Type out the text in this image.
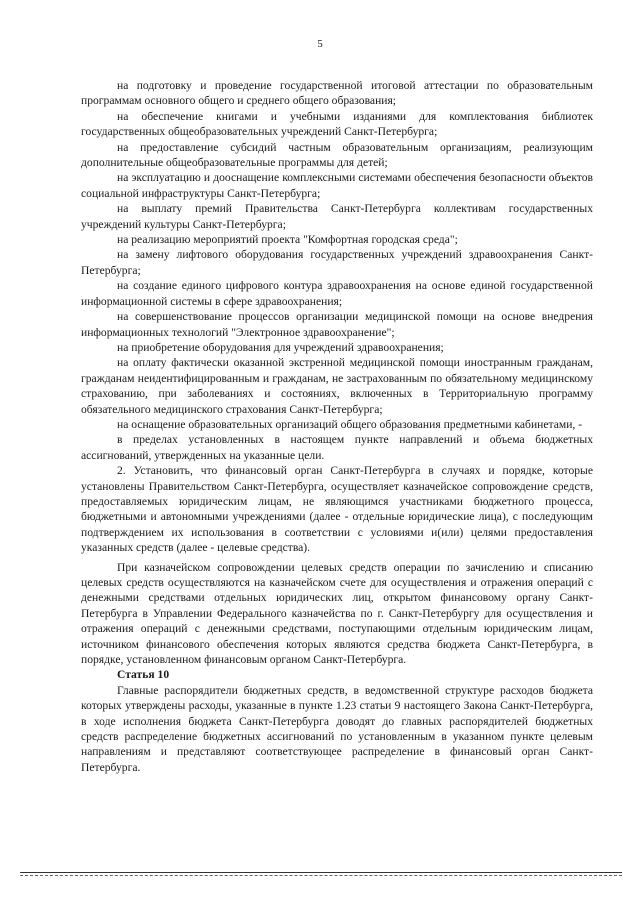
5

на подготовку и проведение государственной итоговой аттестации по образовательным программам основного общего и среднего общего образования;

на обеспечение книгами и учебными изданиями для комплектования библиотек государственных общеобразовательных учреждений Санкт-Петербурга;

на предоставление субсидий частным образовательным организациям, реализующим дополнительные общеобразовательные программы для детей;

на эксплуатацию и дооснащение комплексными системами обеспечения безопасности объектов социальной инфраструктуры Санкт-Петербурга;

на выплату премий Правительства Санкт-Петербурга коллективам государственных учреждений культуры Санкт-Петербурга;

на реализацию мероприятий проекта "Комфортная городская среда";

на замену лифтового оборудования государственных учреждений здравоохранения Санкт-Петербурга;

на создание единого цифрового контура здравоохранения на основе единой государственной информационной системы в сфере здравоохранения;

на совершенствование процессов организации медицинской помощи на основе внедрения информационных технологий "Электронное здравоохранение";

на приобретение оборудования для учреждений здравоохранения;

на оплату фактически оказанной экстренной медицинской помощи иностранным гражданам, гражданам неидентифицированным и гражданам, не застрахованным по обязательному медицинскому страхованию, при заболеваниях и состояниях, включенных в Территориальную программу обязательного медицинского страхования Санкт-Петербурга;

на оснащение образовательных организаций общего образования предметными кабинетами, -

в пределах установленных в настоящем пункте направлений и объема бюджетных ассигнований, утвержденных на указанные цели.

2. Установить, что финансовый орган Санкт-Петербурга в случаях и порядке, которые установлены Правительством Санкт-Петербурга, осуществляет казначейское сопровождение средств, предоставляемых юридическим лицам, не являющимся участниками бюджетного процесса, бюджетными и автономными учреждениями (далее - отдельные юридические лица), с последующим подтверждением их использования в соответствии с условиями и(или) целями предоставления указанных средств (далее - целевые средства).

При казначейском сопровождении целевых средств операции по зачислению и списанию целевых средств осуществляются на казначейском счете для осуществления и отражения операций с денежными средствами отдельных юридических лиц, открытом финансовому органу Санкт-Петербурга в Управлении Федерального казначейства по г. Санкт-Петербургу для осуществления и отражения операций с денежными средствами, поступающими отдельным юридическим лицам, источником финансового обеспечения которых являются средства бюджета Санкт-Петербурга, в порядке, установленном финансовым органом Санкт-Петербурга.

Статья 10

Главные распорядители бюджетных средств, в ведомственной структуре расходов бюджета которых утверждены расходы, указанные в пункте 1.23 статьи 9 настоящего Закона Санкт-Петербурга, в ходе исполнения бюджета Санкт-Петербурга доводят до главных распорядителей бюджетных средств распределение бюджетных ассигнований по установленным в указанном пункте целевым направлениям и представляют соответствующее распределение в финансовый орган Санкт-Петербурга.
